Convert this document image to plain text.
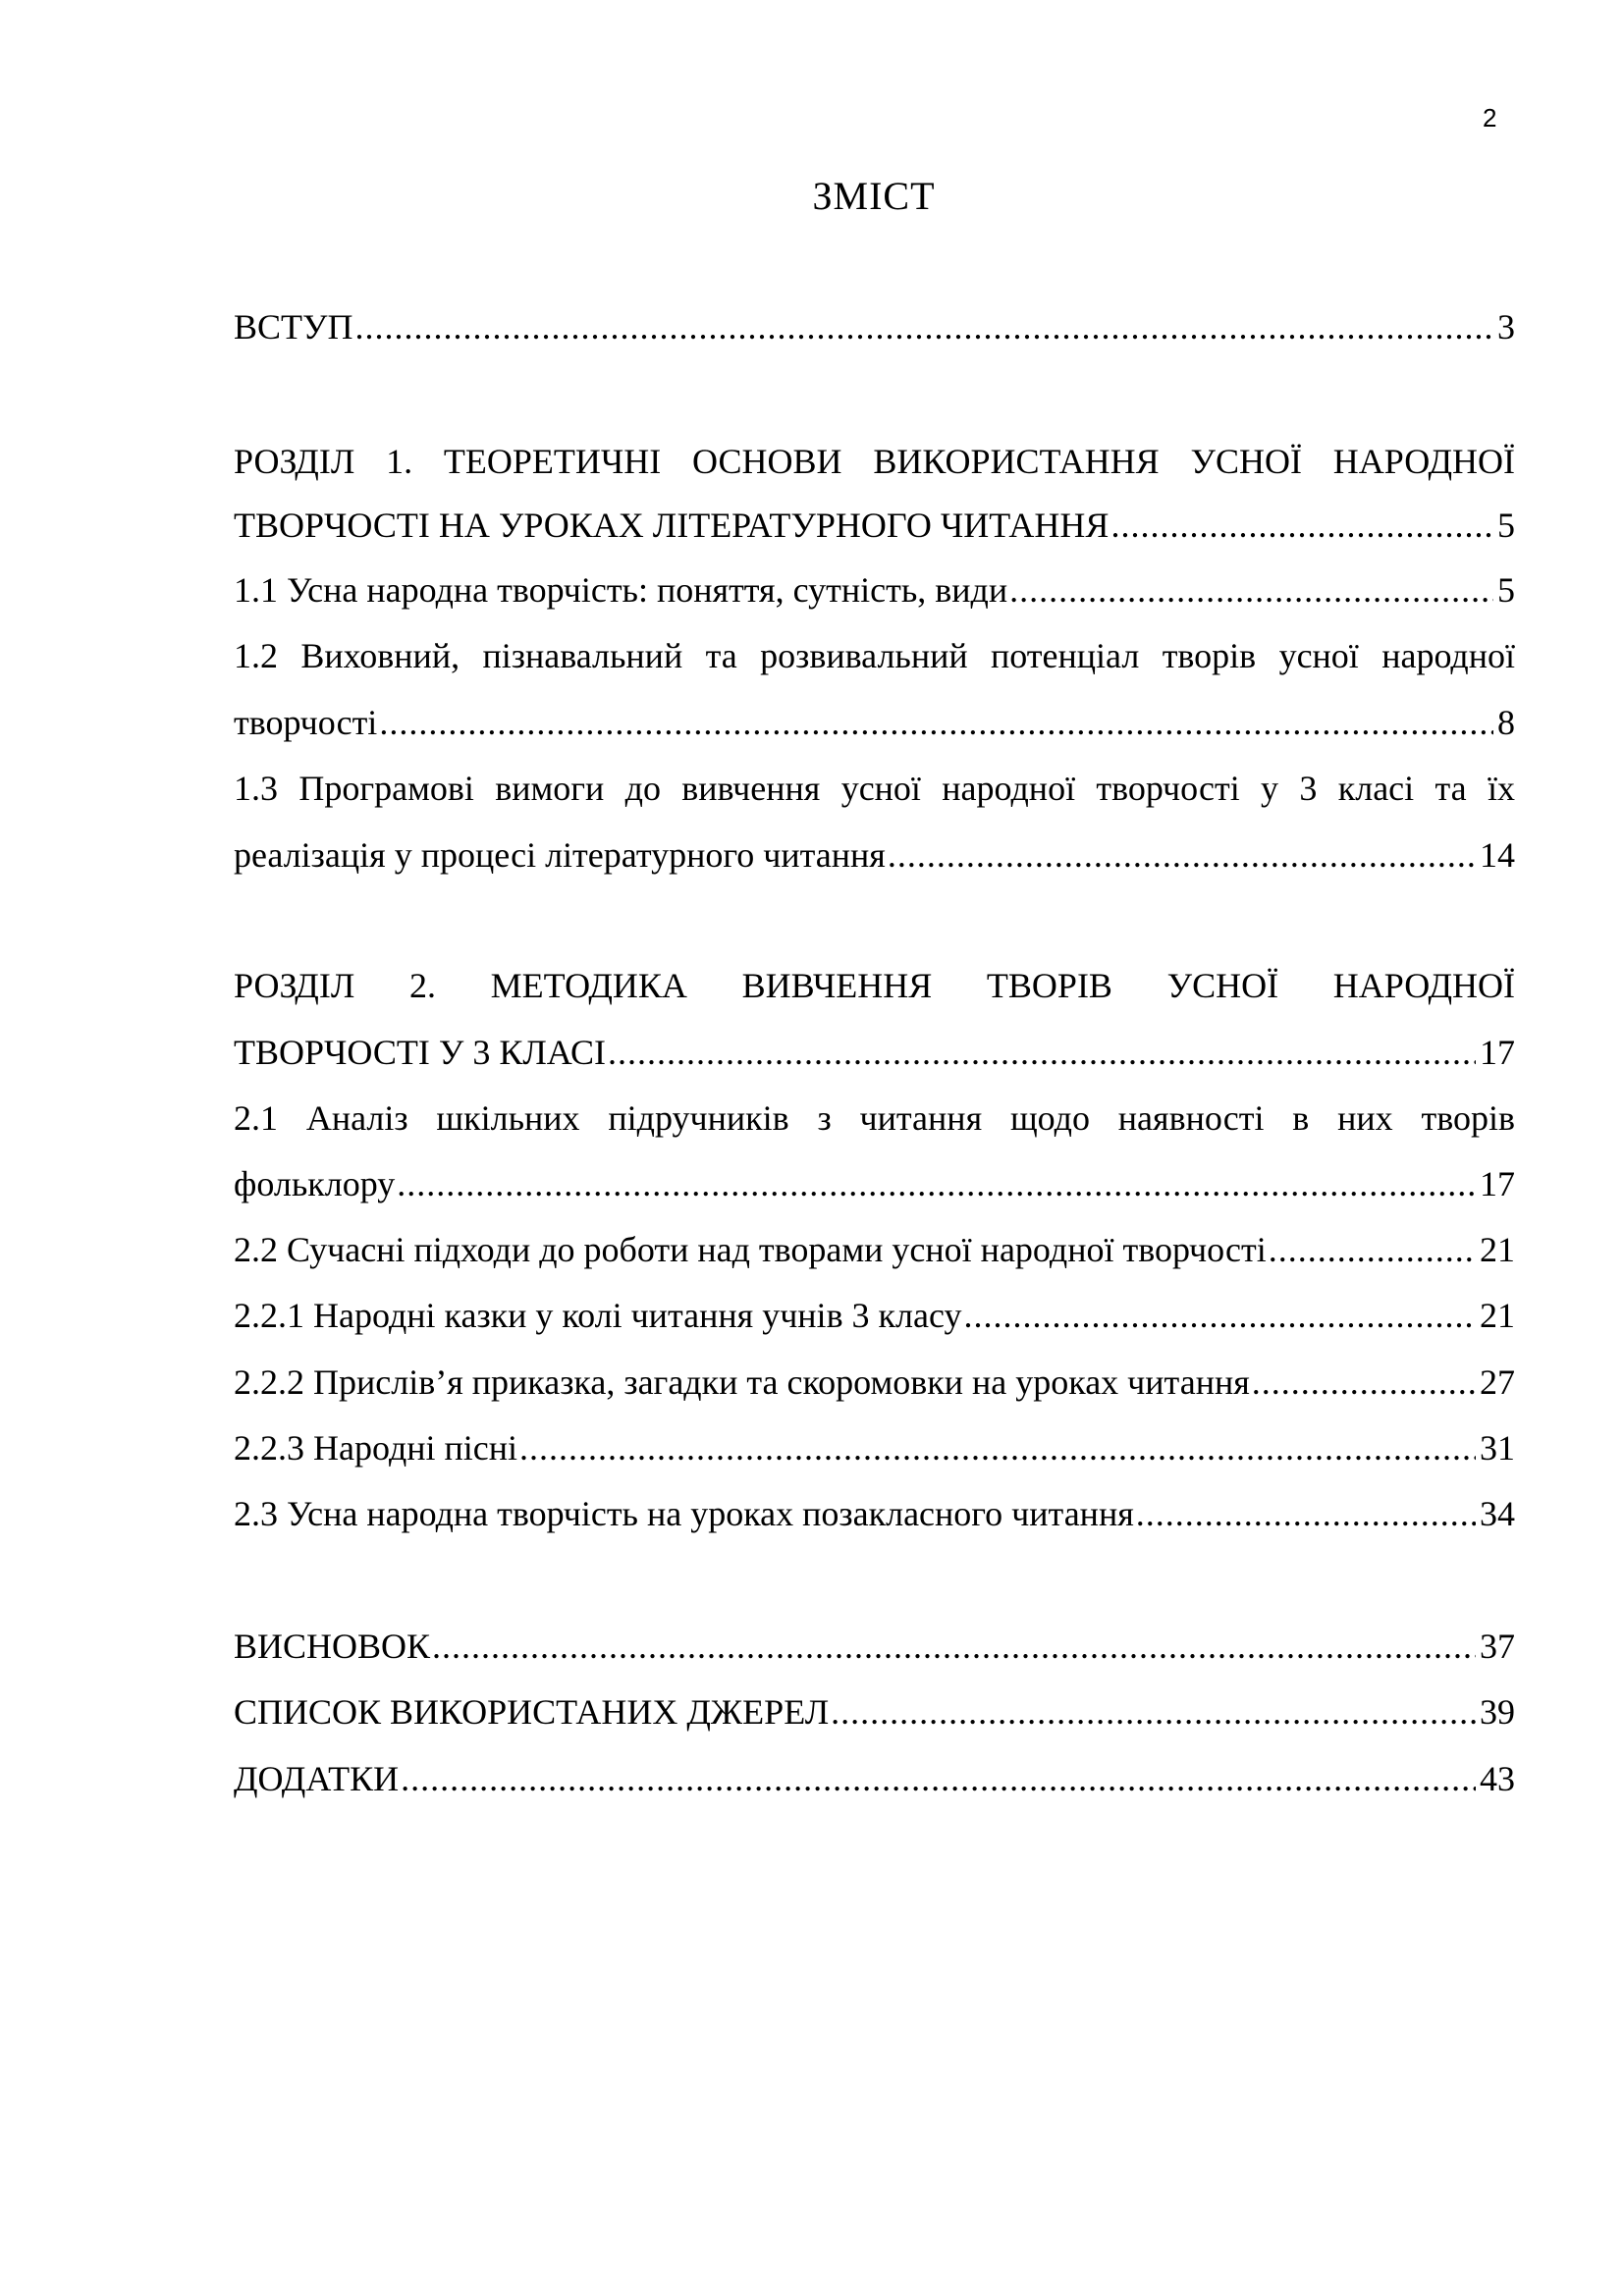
2
ЗМІСТ
ВСТУП .....	3
РОЗДІЛ 1. ТЕОРЕТИЧНІ ОСНОВИ ВИКОРИСТАННЯ УСНОЇ НАРОДНОЇ
ТВОРЧОСТІ НА УРОКАХ ЛІТЕРАТУРНОГО ЧИТАННЯ .....	5
1.1 Усна народна творчість: поняття, сутність, види .....	5
1.2 Виховний, пізнавальний та розвивальний потенціал творів усної народної
творчості .....	8
1.3 Програмові вимоги до вивчення усної народної творчості у 3 класі та їх
реалізація у процесі літературного читання .....	14
РОЗДІЛ 2. МЕТОДИКА ВИВЧЕННЯ ТВОРІВ УСНОЇ НАРОДНОЇ
ТВОРЧОСТІ У 3 КЛАСІ .....	17
2.1 Аналіз шкільних підручників з читання щодо наявності в них творів
фольклору .....	17
2.2 Сучасні підходи до роботи над творами усної народної творчості .....	21
2.2.1 Народні казки у колі читання учнів 3 класу .....	21
2.2.2 Прислів’я приказка, загадки та скоромовки на уроках читання .....	27
2.2.3 Народні пісні .....	31
2.3 Усна народна творчість на уроках позакласного читання .....	34
ВИСНОВОК .....	37
СПИСОК ВИКОРИСТАНИХ ДЖЕРЕЛ .....	39
ДОДАТКИ .....	43
